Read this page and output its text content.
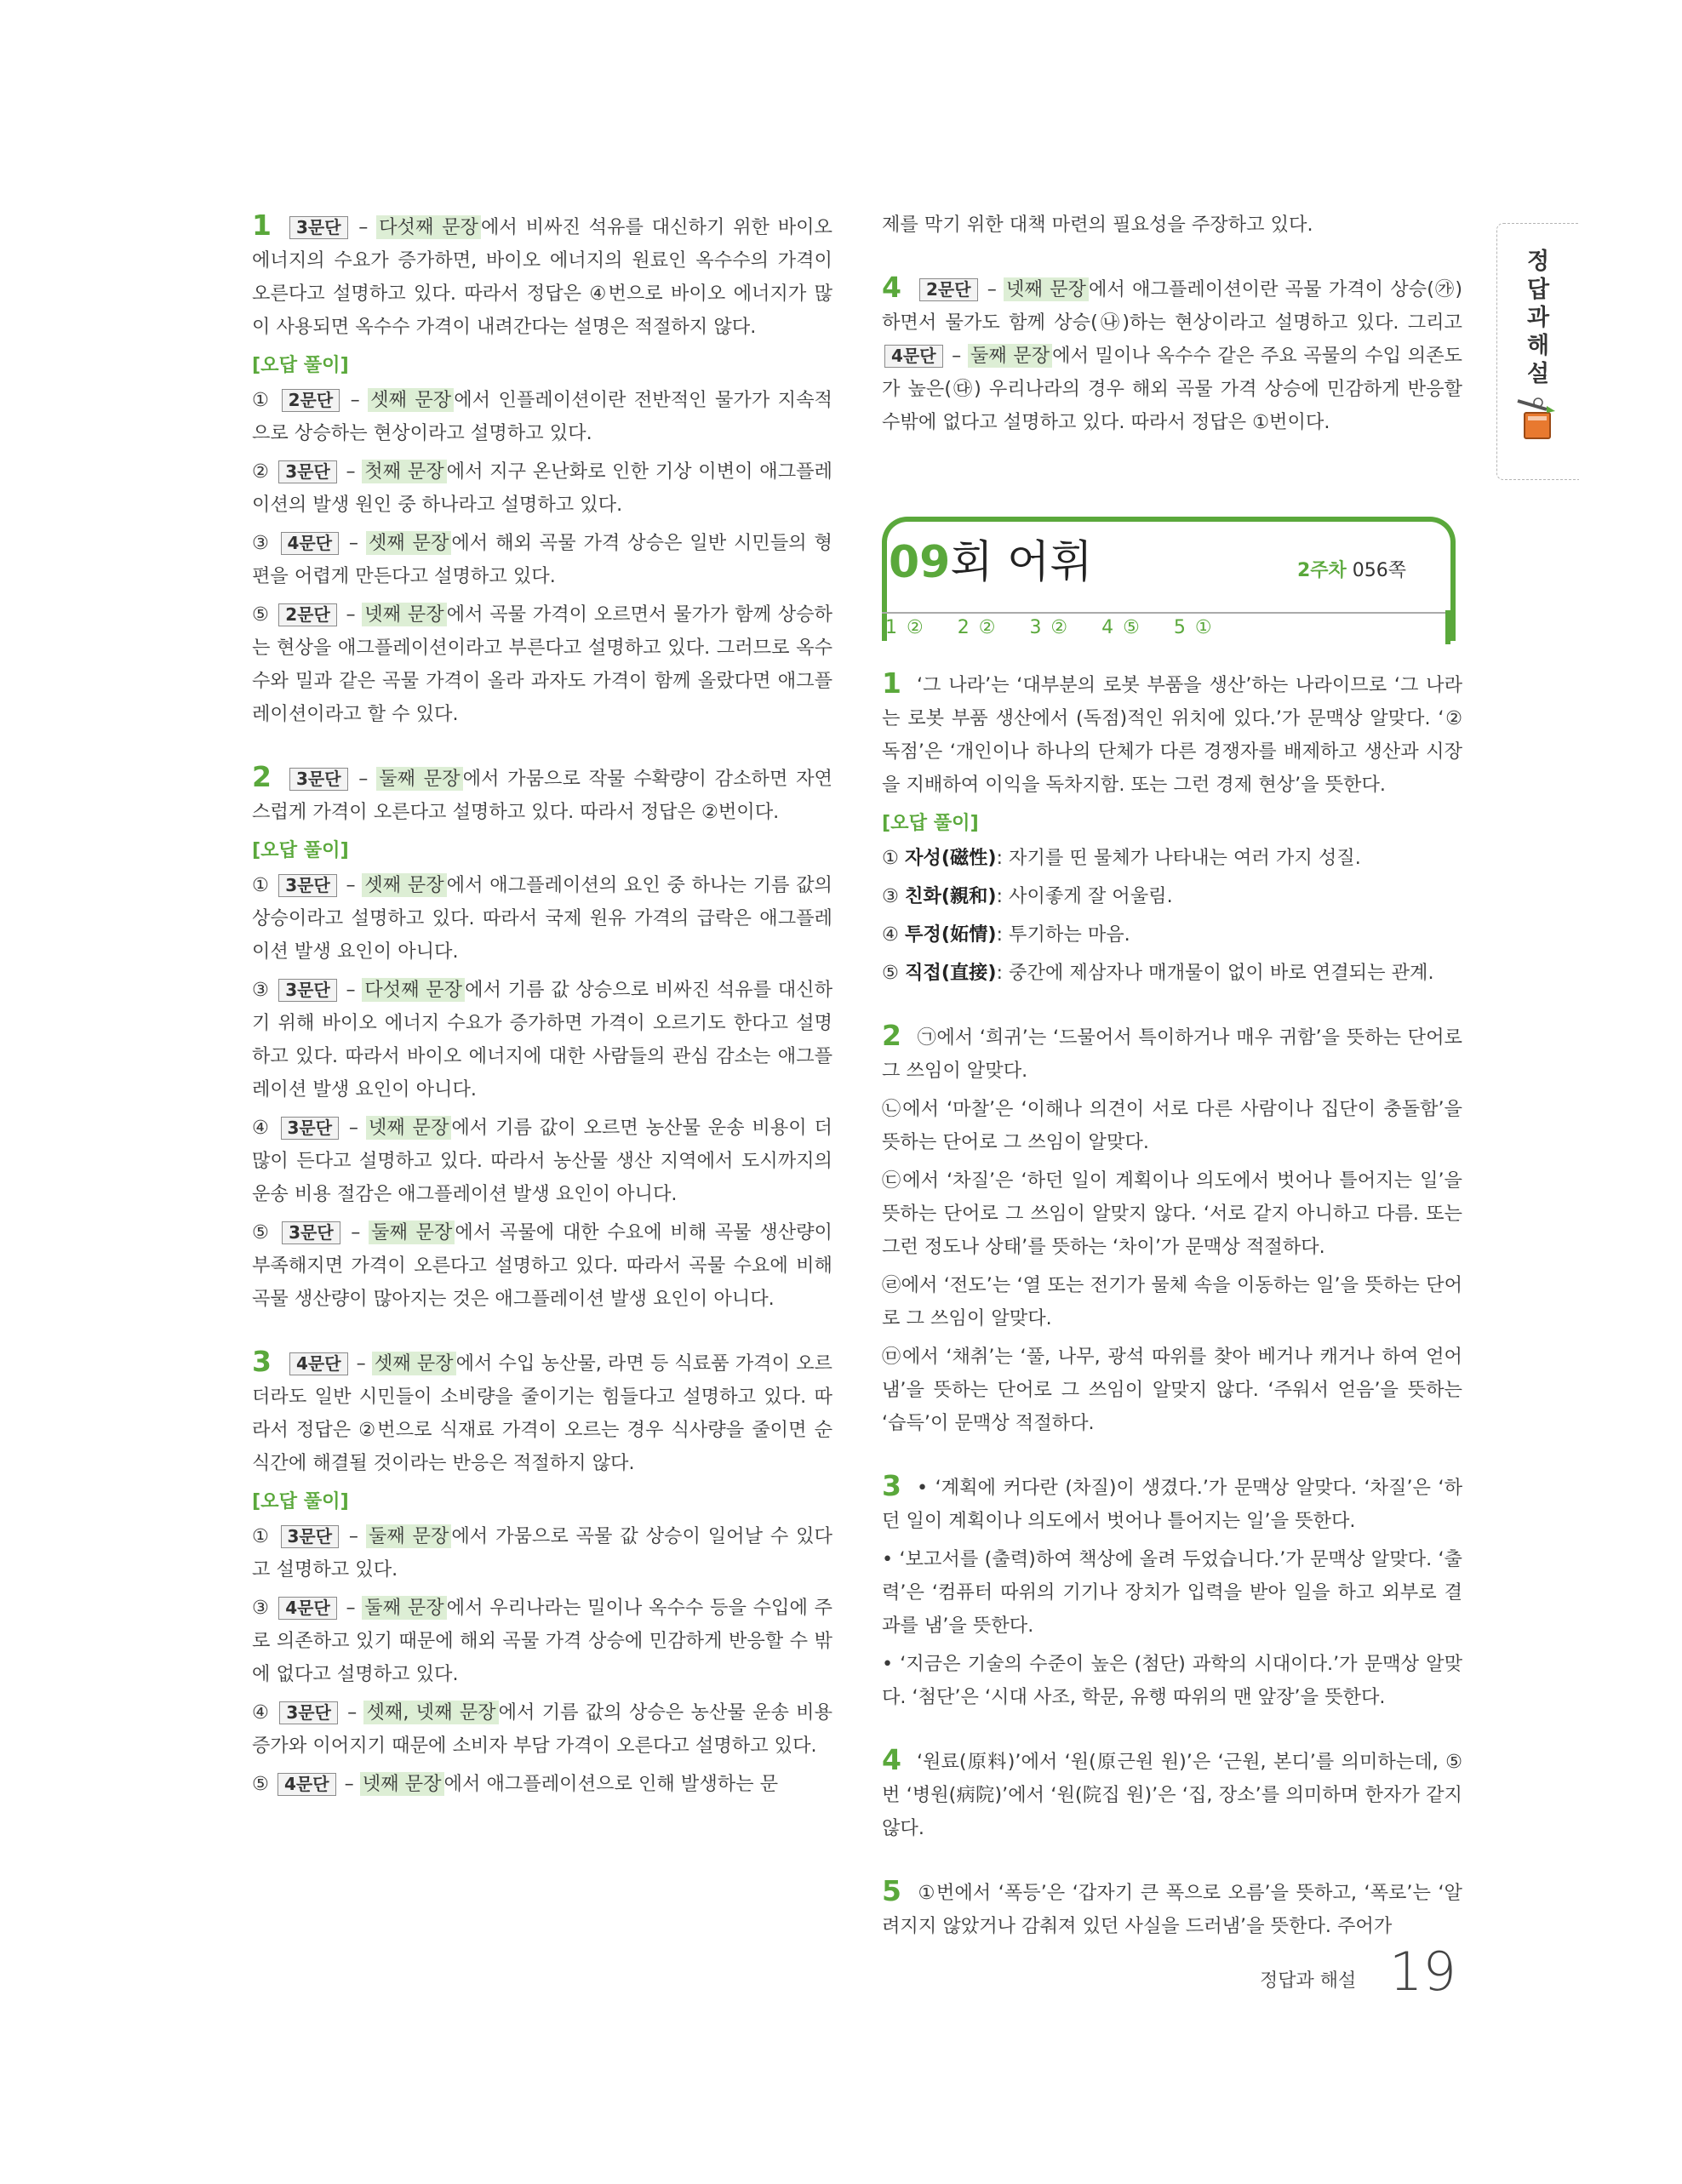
1 3문단 – 다섯째 문장 에서 비싸진 석유를 대신하기 위한 바이오 에너지의 수요가 증가하면, 바이오 에너지의 원료인 옥수수의 가격이 오른다고 설명하고 있다. 따라서 정답은 ④번으로 바이오 에너지가 많이 사용되면 옥수수 가격이 내려간다는 설명은 적절하지 않다.
[오답 풀이]
① 2문단 – 셋째 문장 에서 인플레이션이란 전반적인 물가가 지속적으로 상승하는 현상이라고 설명하고 있다.
② 3문단 – 첫째 문장 에서 지구 온난화로 인한 기상 이변이 애그플레이션의 발생 원인 중 하나라고 설명하고 있다.
③ 4문단 – 셋째 문장 에서 해외 곡물 가격 상승은 일반 시민들의 형편을 어렵게 만든다고 설명하고 있다.
⑤ 2문단 – 넷째 문장 에서 곡물 가격이 오르면서 물가가 함께 상승하는 현상을 애그플레이션이라고 부른다고 설명하고 있다. 그러므로 옥수수와 밀과 같은 곡물 가격이 올라 과자도 가격이 함께 올랐다면 애그플레이션이라고 할 수 있다.
2 3문단 – 둘째 문장 에서 가뭄으로 작물 수확량이 감소하면 자연스럽게 가격이 오른다고 설명하고 있다. 따라서 정답은 ②번이다.
[오답 풀이]
① 3문단 – 셋째 문장 에서 애그플레이션의 요인 중 하나는 기름 값의 상승이라고 설명하고 있다. 따라서 국제 원유 가격의 급락은 애그플레이션 발생 요인이 아니다.
③ 3문단 – 다섯째 문장 에서 기름 값 상승으로 비싸진 석유를 대신하기 위해 바이오 에너지 수요가 증가하면 가격이 오르기도 한다고 설명하고 있다. 따라서 바이오 에너지에 대한 사람들의 관심 감소는 애그플레이션 발생 요인이 아니다.
④ 3문단 – 넷째 문장 에서 기름 값이 오르면 농산물 운송 비용이 더 많이 든다고 설명하고 있다. 따라서 농산물 생산 지역에서 도시까지의 운송 비용 절감은 애그플레이션 발생 요인이 아니다.
⑤ 3문단 – 둘째 문장 에서 곡물에 대한 수요에 비해 곡물 생산량이 부족해지면 가격이 오른다고 설명하고 있다. 따라서 곡물 수요에 비해 곡물 생산량이 많아지는 것은 애그플레이션 발생 요인이 아니다.
3 4문단 – 셋째 문장 에서 수입 농산물, 라면 등 식료품 가격이 오르더라도 일반 시민들이 소비량을 줄이기는 힘들다고 설명하고 있다. 따라서 정답은 ②번으로 식재료 가격이 오르는 경우 식사량을 줄이면 순식간에 해결될 것이라는 반응은 적절하지 않다.
[오답 풀이]
① 3문단 – 둘째 문장 에서 가뭄으로 곡물 값 상승이 일어날 수 있다고 설명하고 있다.
③ 4문단 – 둘째 문장 에서 우리나라는 밀이나 옥수수 등을 수입에 주로 의존하고 있기 때문에 해외 곡물 가격 상승에 민감하게 반응할 수 밖에 없다고 설명하고 있다.
④ 3문단 – 셋째, 넷째 문장 에서 기름 값의 상승은 농산물 운송 비용 증가와 이어지기 때문에 소비자 부담 가격이 오른다고 설명하고 있다.
⑤ 4문단 – 넷째 문장 에서 애그플레이션으로 인해 발생하는 문
제를 막기 위한 대책 마련의 필요성을 주장하고 있다.
4 2문단 – 넷째 문장 에서 애그플레이션이란 곡물 가격이 상승(㉮)하면서 물가도 함께 상승(㉯)하는 현상이라고 설명하고 있다. 그리고 4문단 – 둘째 문장 에서 밀이나 옥수수 같은 주요 곡물의 수입 의존도가 높은(㉰) 우리나라의 경우 해외 곡물 가격 상승에 민감하게 반응할 수밖에 없다고 설명하고 있다. 따라서 정답은 ①번이다.
09회 어휘	2주차 056쪽
1 ② 2 ② 3 ② 4 ⑤ 5 ①
1 ‘그 나라’는 ‘대부분의 로봇 부품을 생산’하는 나라이므로 ‘그 나라는 로봇 부품 생산에서 (독점)적인 위치에 있다.’가 문맥상 알맞다. ‘② 독점’은 ‘개인이나 하나의 단체가 다른 경쟁자를 배제하고 생산과 시장을 지배하여 이익을 독차지함. 또는 그런 경제 현상’을 뜻한다.
[오답 풀이]
① 자성(磁性): 자기를 띤 물체가 나타내는 여러 가지 성질.
③ 친화(親和): 사이좋게 잘 어울림.
④ 투정(妬情): 투기하는 마음.
⑤ 직접(直接): 중간에 제삼자나 매개물이 없이 바로 연결되는 관계.
2 ㉠에서 ‘희귀’는 ‘드물어서 특이하거나 매우 귀함’을 뜻하는 단어로 그 쓰임이 알맞다.
㉡에서 ‘마찰’은 ‘이해나 의견이 서로 다른 사람이나 집단이 충돌함’을 뜻하는 단어로 그 쓰임이 알맞다.
㉢에서 ‘차질’은 ‘하던 일이 계획이나 의도에서 벗어나 틀어지는 일’을 뜻하는 단어로 그 쓰임이 알맞지 않다. ‘서로 같지 아니하고 다름. 또는 그런 정도나 상태’를 뜻하는 ‘차이’가 문맥상 적절하다.
㉣에서 ‘전도’는 ‘열 또는 전기가 물체 속을 이동하는 일’을 뜻하는 단어로 그 쓰임이 알맞다.
㉤에서 ‘채취’는 ‘풀, 나무, 광석 따위를 찾아 베거나 캐거나 하여 얻어 냄’을 뜻하는 단어로 그 쓰임이 알맞지 않다. ‘주워서 얻음’을 뜻하는 ‘습득’이 문맥상 적절하다.
3 • ‘계획에 커다란 (차질)이 생겼다.’가 문맥상 알맞다. ‘차질’은 ‘하던 일이 계획이나 의도에서 벗어나 틀어지는 일’을 뜻한다.
• ‘보고서를 (출력)하여 책상에 올려 두었습니다.’가 문맥상 알맞다. ‘출력’은 ‘컴퓨터 따위의 기기나 장치가 입력을 받아 일을 하고 외부로 결과를 냄’을 뜻한다.
• ‘지금은 기술의 수준이 높은 (첨단) 과학의 시대이다.’가 문맥상 알맞다. ‘첨단’은 ‘시대 사조, 학문, 유행 따위의 맨 앞장’을 뜻한다.
4 ‘원료(原料)’에서 ‘원(原근원 원)’은 ‘근원, 본디’를 의미하는데, ⑤번 ‘병원(病院)’에서 ‘원(院집 원)’은 ‘집, 장소’를 의미하며 한자가 같지 않다.
5 ①번에서 ‘폭등’은 ‘갑자기 큰 폭으로 오름’을 뜻하고, ‘폭로’는 ‘알려지지 않았거나 감춰져 있던 사실을 드러냄’을 뜻한다. 주어가
정답과 해설
정답과 해설 19
